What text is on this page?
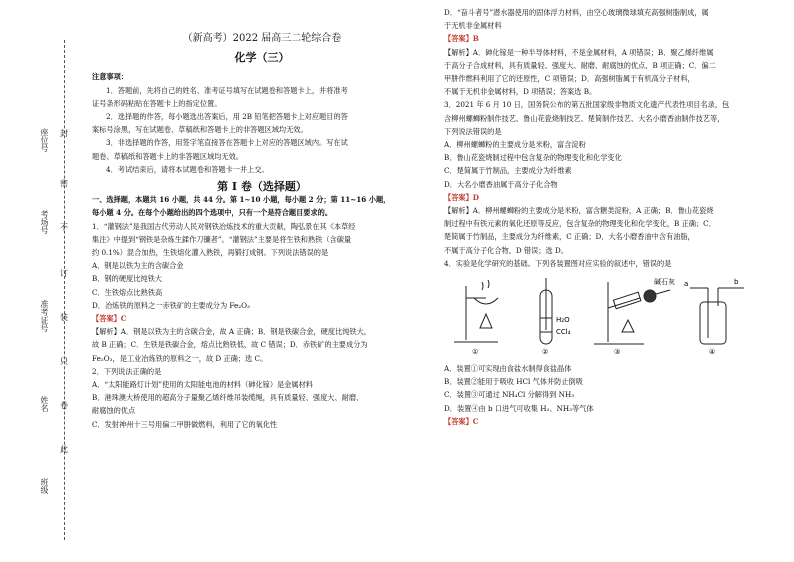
封
密
不
订
装
只
卷
此
座位号
考场号
准考证号
姓名
班级

（新高考）2022 届高三二轮综合卷

化学（三）

注意事项：

1．答题前，先将自己的姓名、准考证号填写在试题卷和答题卡上，并将准考

证号条形码粘贴在答题卡上的指定位置。

2．选择题的作答，每小题选出答案后，用 2B 铅笔把答题卡上对应题目的答

案标号涂黑，写在试题卷、草稿纸和答题卡上的非答题区域均无效。

3．非选择题的作答，用签字笔直接答在答题卡上对应的答题区域内。写在试

题卷、草稿纸和答题卡上的非答题区域均无效。

4．考试结束后，请将本试题卷和答题卡一并上交。

第 I 卷（选择题）

一、选择题，本题共 16 小题，共 44 分。第 1~10 小题，每小题 2 分；第 11~16 小题，

每小题 4 分。在每个小题给出的四个选项中，只有一个是符合题目要求的。

1．“灌钢法”是我国古代劳动人民对钢铁冶炼技术的重大贡献，陶弘景在其《本草经

集注》中提到“钢铁是杂炼生鍒作刀镰者”。“灌钢法”主要是将生铁和熟铁（含碳量

约 0.1%）混合加热，生铁熔化灌入熟铁，再锻打成钢。下列说法错误的是

A．钢是以铁为主的含碳合金

B．钢的硬度比纯铁大

C．生铁熔点比熟铁高

D．冶炼铁的原料之一赤铁矿的主要成分为 Fe₂O₃

【答案】C

【解析】A．钢是以铁为主的含碳合金，故 A 正确；B．钢是铁碳合金，硬度比纯铁大，

故 B 正确；C．生铁是铁碳合金，熔点比熟铁低，故 C 错误；D．赤铁矿的主要成分为

Fe₂O₃，是工业冶炼铁的原料之一，故 D 正确；选 C。

2．下列说法正确的是

A．“太阳能路灯计划”使用的太阳能电池的材料（砷化镓）是金属材料

B．港珠澳大桥使用的超高分子量聚乙烯纤维吊装缆绳，具有质量轻、强度大、耐磨、

耐腐蚀的优点

C．发射神州十三号用偏二甲肼做燃料，利用了它的氧化性

D．“奋斗者号”潜水器使用的固体浮力材料，由空心玻璃微球填充高强树脂制成，属

于无机非金属材料

【答案】B

【解析】A．砷化镓是一种半导体材料，不是金属材料，A 项错误；B．聚乙烯纤维属

于高分子合成材料，具有质量轻、强度大、耐磨、耐腐蚀的优点，B 项正确；C．偏二

甲肼作燃料利用了它的还原性，C 项错误；D．高强树脂属于有机高分子材料，

不属于无机非金属材料，D 项错误；答案选 B。

3．2021 年 6 月 10 日，国务院公布的第五批国家级非物质文化遗产代表性项目名录，包

含柳州螺蛳粉制作技艺、鲁山花瓷烧制技艺、楚简制作技艺、大名小磨香油制作技艺等，

下列说法错误的是

A．柳州螺蛳粉的主要成分是米粉，富含淀粉

B．鲁山花瓷烧制过程中包含复杂的物理变化和化学变化

C．楚简属于竹制品，主要成分为纤维素

D．大名小磨香油属于高分子化合物

【答案】D

【解析】A．柳州螺蛳粉的主要成分是米粉，富含糖类淀粉，A 正确；B．鲁山花瓷烧

制过程中有铁元素的氧化还原等反应，包含复杂的物理变化和化学变化，B 正确；C．

楚简属于竹制品，主要成分为纤维素，C 正确；D．大名小磨香油中含有油脂，

不属于高分子化合物，D 错误；选 D。

4．实验是化学研究的基础。下列各装置图对应实验的叙述中，错误的是

①
H₂O
CCl₄
②
碱石灰
③
a	b
④

A．装置①可实现由食盐水制得食盐晶体

B．装置②能用于吸收 HCl 气体并防止倒吸

C．装置③可通过 NH₄Cl 分解得到 NH₃

D．装置④由 b 口进气可收集 H₂、NH₃等气体

【答案】C
